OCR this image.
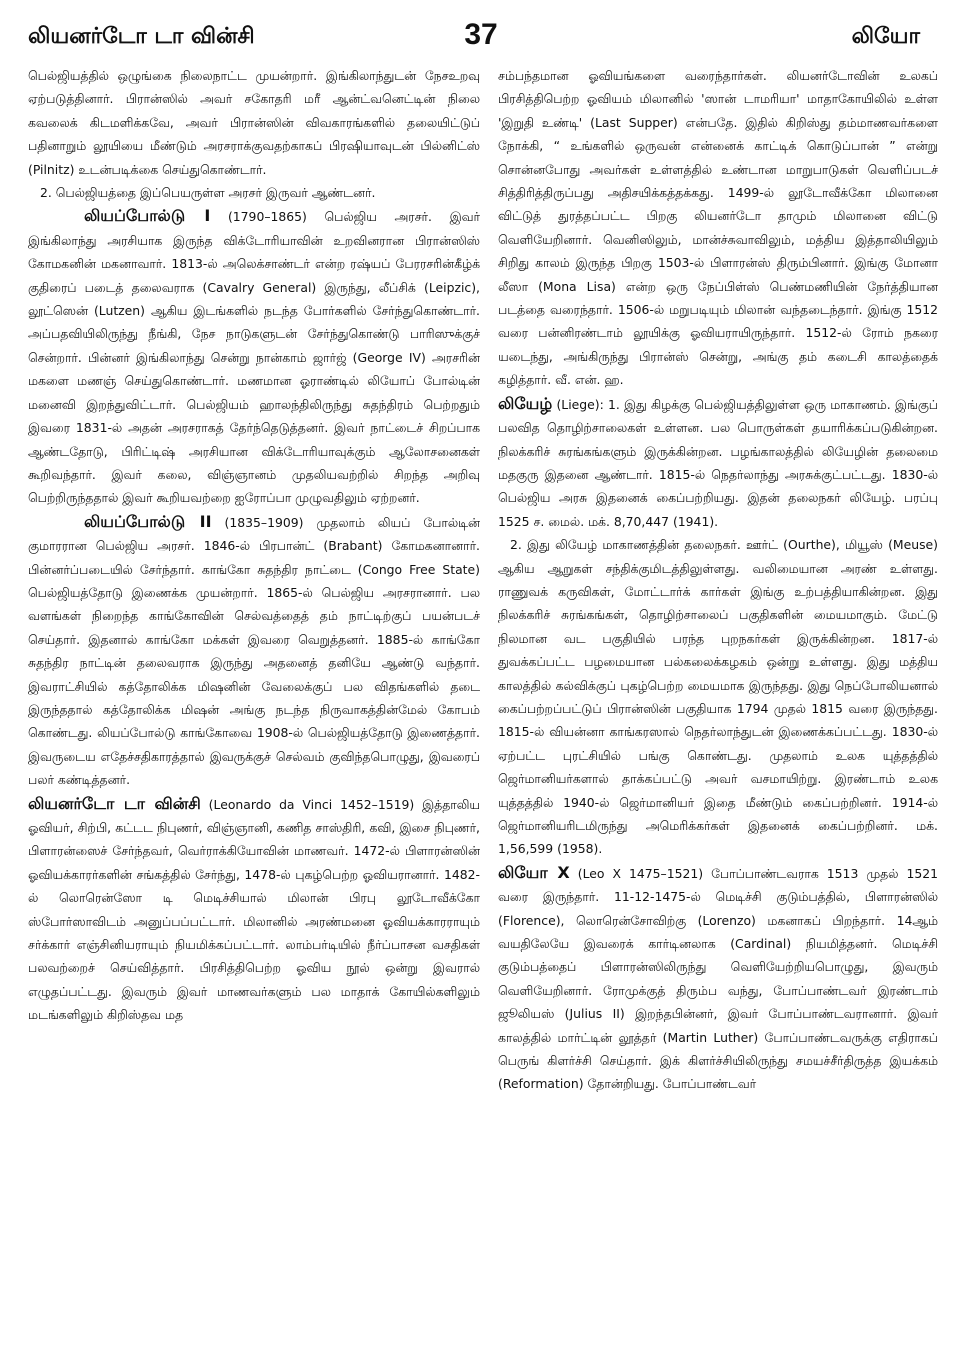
லியனர்டோ டா வின்சி	37	லியோ

பெல்ஜியத்தில் ஒழுங்கை நிலைநாட்ட முயன்றார். இங்கிலாந்துடன் நேசஉறவு ஏற்படுத்தினார். பிரான்ஸில் அவர் சகோதரி மரீ ஆன்ட்வனெட்டின் நிலை கவலைக் கிடமளிக்கவே, அவர் பிரான்ஸின் விவகாரங்களில் தலையிட்டுப் பதினாறும் லூயியை மீண்டும் அரசராக்குவதற்காகப் பிரஷியாவுடன் பில்னிட்ஸ் (Pilnitz) உடன்படிக்கை செய்துகொண்டார்.

2. பெல்ஜியத்தை இப்பெயருள்ள அரசர் இருவர் ஆண்டனர்.

லியப்போல்டு I (1790–1865) பெல்ஜிய அரசர். இவர் இங்கிலாந்து அரசியாக இருந்த விக்டோரியாவின் உறவினரான பிரான்ஸிஸ் கோமகனின் மகனாவார். 1813-ல் அலெக்சாண்டர் என்ற ரஷ்யப் பேரரசரின்கீழ்க் குதிரைப் படைத் தலைவராக (Cavalry General) இருந்து, லீப்சிக் (Leipzic), லூட்ஸென் (Lutzen) ஆகிய இடங்களில் நடந்த போர்களில் சேர்ந்துகொண்டார். அப்பதவியிலிருந்து நீங்கி, நேச நாடுகளுடன் சேர்ந்துகொண்டு பாரிஸுக்குச் சென்றார். பின்னர் இங்கிலாந்து சென்று நான்காம் ஜார்ஜ் (George IV) அரசரின் மகளை மணஞ் செய்துகொண்டார். மணமான ஓராண்டில் லியோப் போல்டின் மனைவி இறந்துவிட்டார். பெல்ஜியம் ஹாலந்திலிருந்து சுதந்திரம் பெற்றதும் இவரை 1831-ல் அதன் அரசராகத் தேர்ந்தெடுத்தனர். இவர் நாட்டைச் சிறப்பாக ஆண்டதோடு, பிரிட்டிஷ் அரசியான விக்டோரியாவுக்கும் ஆலோசனைகள் கூறிவந்தார். இவர் கலை, விஞ்ஞானம் முதலியவற்றில் சிறந்த அறிவு பெற்றிருந்ததால் இவர் கூறியவற்றை ஐரோப்பா முழுவதிலும் ஏற்றனர்.

லியப்போல்டு II (1835–1909) முதலாம் லியப் போல்டின் குமாரரான பெல்ஜிய அரசர். 1846-ல் பிரபான்ட் (Brabant) கோமகனானார். பின்னர்ப்படையில் சேர்ந்தார். காங்கோ சுதந்திர நாட்டை (Congo Free State) பெல்ஜியத்தோடு இணைக்க முயன்றார். 1865-ல் பெல்ஜிய அரசரானார். பல வளங்கள் நிறைந்த காங்கோவின் செல்வத்தைத் தம் நாட்டிற்குப் பயன்படச் செய்தார். இதனால் காங்கோ மக்கள் இவரை வெறுத்தனர். 1885-ல் காங்கோ சுதந்திர நாட்டின் தலைவராக இருந்து அதனைத் தனியே ஆண்டு வந்தார். இவராட்சியில் கத்தோலிக்க மிஷனின் வேலைக்குப் பல விதங்களில் தடை இருந்ததால் கத்தோலிக்க மிஷன் அங்கு நடந்த நிருவாகத்தின்மேல் கோபம் கொண்டது. லியப்போல்டு காங்கோவை 1908-ல் பெல்ஜியத்தோடு இணைத்தார். இவருடைய எதேச்சதிகாரத்தால் இவருக்குச் செல்வம் குவிந்தபொழுது, இவரைப் பலர் கண்டித்தனர்.

லியனர்டோ டா வின்சி (Leonardo da Vinci 1452–1519) இத்தாலிய ஓவியர், சிற்பி, கட்டட நிபுணர், விஞ்ஞானி, கணித சாஸ்திரி, கவி, இசை நிபுணர், பிளாரன்ஸைச் சேர்ந்தவர், வெர்ராக்கியோவின் மாணவர். 1472-ல் பிளாரன்ஸின் ஓவியக்காரர்களின் சங்கத்தில் சேர்ந்து, 1478-ல் புகழ்பெற்ற ஓவியரானார். 1482-ல் லொரென்ஸோ டி மெடிச்சியால் மிலான் பிரபு லூடோவீக்கோ ஸ்போர்ஸாவிடம் அனுப்பப்பட்டார். மிலானில் அரண்மனை ஓவியக்காரராயும் சர்க்கார் எஞ்சினியராயும் நியமிக்கப்பட்டார். லாம்பர்டியில் நீர்ப்பாசன வசதிகள் பலவற்றைச் செய்வித்தார். பிரசித்திபெற்ற ஓவிய நூல் ஒன்று இவரால் எழுதப்பட்டது. இவரும் இவர் மாணவர்களும் பல மாதாக் கோயில்களிலும் மடங்களிலும் கிறிஸ்தவ மத

சம்பந்தமான ஓவியங்களை வரைந்தார்கள். லியனர்டோவின் உலகப் பிரசித்திபெற்ற ஓவியம் மிலானில் 'ஸான் டாமரியா' மாதாகோயிலில் உள்ள 'இறுதி உண்டி' (Last Supper) என்பதே. இதில் கிறிஸ்து தம்மாணவர்களை நோக்கி, “ உங்களில் ஒருவன் என்னைக் காட்டிக் கொடுப்பான் ” என்று சொன்னபோது அவர்கள் உள்ளத்தில் உண்டான மாறுபாடுகள் வெளிப்படச் சித்திரித்திருப்பது அதிசயிக்கத்தக்கது. 1499-ல் லூடோவீக்கோ மிலானை விட்டுத் துரத்தப்பட்ட பிறகு லியனர்டோ தாமும் மிலானை விட்டு வெளியேறினார். வெனிஸிலும், மான்ச்சுவாவிலும், மத்திய இத்தாலியிலும் சிறிது காலம் இருந்த பிறகு 1503-ல் பிளாரன்ஸ் திரும்பினார். இங்கு மோனா லீஸா (Mona Lisa) என்ற ஒரு நேப்பிள்ஸ் பெண்மணியின் நேர்த்தியான படத்தை வரைந்தார். 1506-ல் மறுபடியும் மிலான் வந்தடைந்தார். இங்கு 1512 வரை பன்னிரண்டாம் லூயிக்கு ஓவியராயிருந்தார். 1512-ல் ரோம் நகரை யடைந்து, அங்கிருந்து பிரான்ஸ் சென்று, அங்கு தம் கடைசி காலத்தைக் கழித்தார். வீ. என். ஹ.

லியேழ் (Liege): 1. இது கிழக்கு பெல்ஜியத்திலுள்ள ஒரு மாகாணம். இங்குப் பலவித தொழிற்சாலைகள் உள்ளன. பல பொருள்கள் தயாரிக்கப்படுகின்றன. நிலக்கரிச் சுரங்கங்களும் இருக்கின்றன. பழங்காலத்தில் லியேழின் தலைமை மதகுரு இதனை ஆண்டார். 1815-ல் நெதர்லாந்து அரசுக்குட்பட்டது. 1830-ல் பெல்ஜிய அரசு இதனைக் கைப்பற்றியது. இதன் தலைநகர் லியேழ். பரப்பு 1525 ச. மைல். மக். 8,70,447 (1941).

2. இது லியேழ் மாகாணத்தின் தலைநகர். ஊர்ட் (Ourthe), மியூஸ் (Meuse) ஆகிய ஆறுகள் சந்திக்குமிடத்திலுள்ளது. வலிமையான அரண் உள்ளது. ராணுவக் கருவிகள், மோட்டார்க் கார்கள் இங்கு உற்பத்தியாகின்றன. இது நிலக்கரிச் சுரங்கங்கள், தொழிற்சாலைப் பகுதிகளின் மையமாகும். மேட்டு நிலமான வட பகுதியில் பரந்த புறநகர்கள் இருக்கின்றன. 1817-ல் துவக்கப்பட்ட பழமையான பல்கலைக்கழகம் ஒன்று உள்ளது. இது மத்திய காலத்தில் கல்விக்குப் புகழ்பெற்ற மையமாக இருந்தது. இது நெப்போலியனால் கைப்பற்றப்பட்டுப் பிரான்ஸின் பகுதியாக 1794 முதல் 1815 வரை இருந்தது. 1815-ல் வியன்னா காங்கரஸால் நெதர்லாந்துடன் இணைக்கப்பட்டது. 1830-ல் ஏற்பட்ட புரட்சியில் பங்கு கொண்டது. முதலாம் உலக யுத்தத்தில் ஜெர்மானியர்களால் தாக்கப்பட்டு அவர் வசமாயிற்று. இரண்டாம் உலக யுத்தத்தில் 1940-ல் ஜெர்மானியர் இதை மீண்டும் கைப்பற்றினர். 1914-ல் ஜெர்மானியரிடமிருந்து அமெரிக்கர்கள் இதனைக் கைப்பற்றினர். மக். 1,56,599 (1958).

லியோ X (Leo X 1475–1521) போப்பாண்டவராக 1513 முதல் 1521 வரை இருந்தார். 11-12-1475-ல் மெடிச்சி குடும்பத்தில், பிளாரன்ஸில் (Florence), லொரென்சோவிற்கு (Lorenzo) மகனாகப் பிறந்தார். 14ஆம் வயதிலேயே இவரைக் கார்டினலாக (Cardinal) நியமித்தனர். மெடிச்சி குடும்பத்தைப் பிளாரன்ஸிலிருந்து வெளியேற்றியபொழுது, இவரும் வெளியேறினார். ரோமுக்குத் திரும்ப வந்து, போப்பாண்டவர் இரண்டாம் ஜூலியஸ் (Julius II) இறந்தபின்னர், இவர் போப்பாண்டவரானார். இவர் காலத்தில் மார்ட்டின் லூத்தர் (Martin Luther) போப்பாண்டவருக்கு எதிராகப் பெருங் கிளர்ச்சி செய்தார். இக் கிளர்ச்சியிலிருந்து சமயச்சீர்திருத்த இயக்கம் (Reformation) தோன்றியது. போப்பாண்டவர்
